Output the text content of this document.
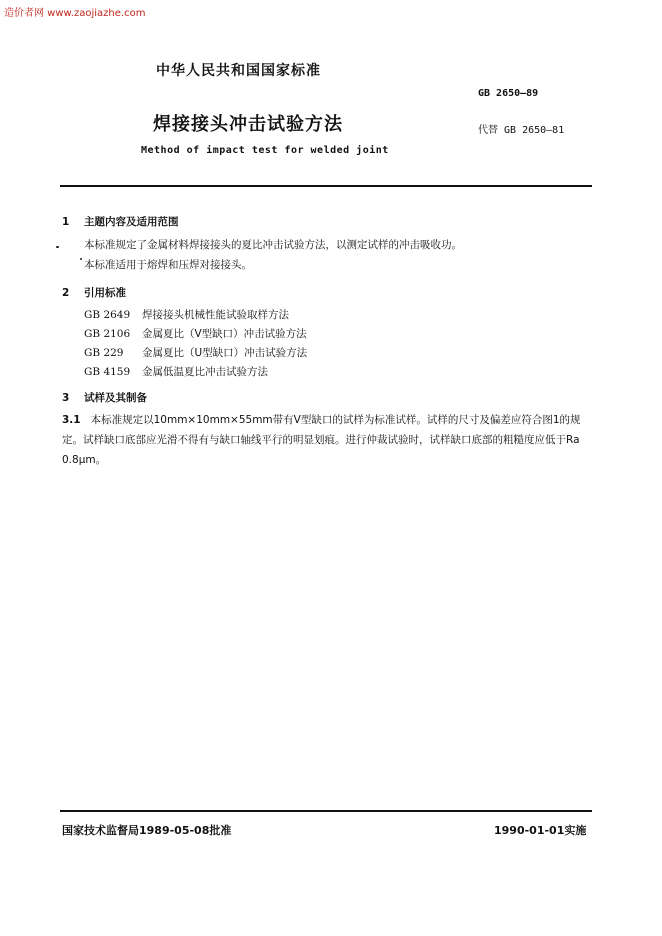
造价者网 www.zaojiazhe.com
中华人民共和国国家标准
GB 2650—89
焊接接头冲击试验方法	代替 GB 2650—81
Method of impact test for welded joint
1 主题内容及适用范围
本标准规定了金属材料焊接接头的夏比冲击试验方法，以测定试样的冲击吸收功。
本标准适用于熔焊和压焊对接接头。
2 引用标准
GB 2649 焊接接头机械性能试验取样方法
GB 2106 金属夏比（V型缺口）冲击试验方法
GB 229 金属夏比（U型缺口）冲击试验方法
GB 4159 金属低温夏比冲击试验方法
3 试样及其制备
3.1 本标准规定以10mm×10mm×55mm带有V型缺口的试样为标准试样。试样的尺寸及偏差应符合图1的规定。试样缺口底部应光滑不得有与缺口轴线平行的明显划痕。进行仲裁试验时，试样缺口底部的粗糙度应低于Ra 0.8μm。
国家技术监督局1989-05-08批准	1990-01-01实施
